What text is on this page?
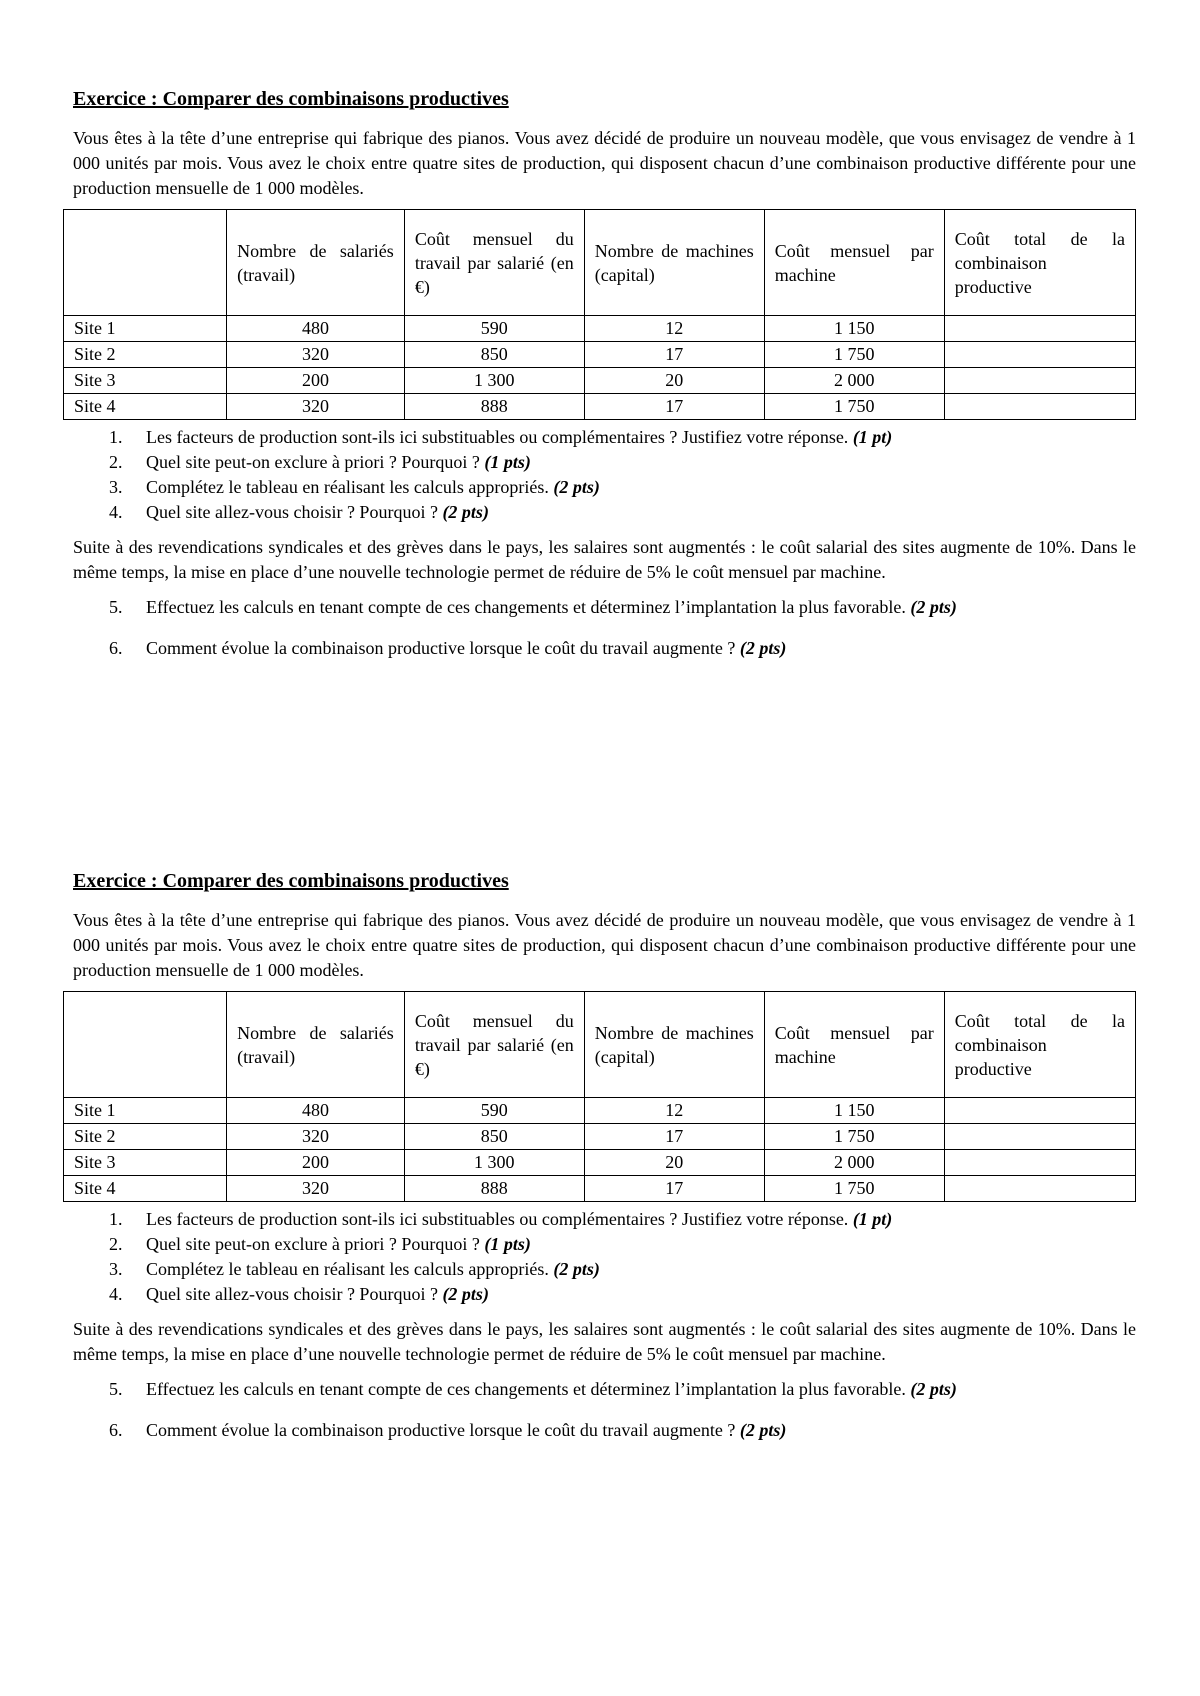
Exercice : Comparer des combinaisons productives

Vous êtes à la tête d’une entreprise qui fabrique des pianos. Vous avez décidé de produire un nouveau modèle, que vous envisagez de vendre à 1 000 unités par mois. Vous avez le choix entre quatre sites de production, qui disposent chacun d’une combinaison productive différente pour une production mensuelle de 1 000 modèles.

	Nombre de salariés (travail)	Coût mensuel du travail par salarié (en €)	Nombre de machines (capital)	Coût mensuel par machine	Coût total de la combinaison productive

Site 1	480	590	12	1 150	
Site 2	320	850	17	1 750	
Site 3	200	1 300	20	2 000	
Site 4	320	888	17	1 750	
1. Les facteurs de production sont-ils ici substituables ou complémentaires ? Justifiez votre réponse. (1 pt)
2. Quel site peut-on exclure à priori ? Pourquoi ? (1 pts)
3. Complétez le tableau en réalisant les calculs appropriés. (2 pts)
4. Quel site allez-vous choisir ? Pourquoi ? (2 pts)

Suite à des revendications syndicales et des grèves dans le pays, les salaires sont augmentés : le coût salarial des sites augmente de 10%. Dans le même temps, la mise en place d’une nouvelle technologie permet de réduire de 5% le coût mensuel par machine.

5. Effectuez les calculs en tenant compte de ces changements et déterminez l’implantation la plus favorable. (2 pts)
6. Comment évolue la combinaison productive lorsque le coût du travail augmente ? (2 pts)
Exercice : Comparer des combinaisons productives

Vous êtes à la tête d’une entreprise qui fabrique des pianos. Vous avez décidé de produire un nouveau modèle, que vous envisagez de vendre à 1 000 unités par mois. Vous avez le choix entre quatre sites de production, qui disposent chacun d’une combinaison productive différente pour une production mensuelle de 1 000 modèles.

	Nombre de salariés (travail)	Coût mensuel du travail par salarié (en €)	Nombre de machines (capital)	Coût mensuel par machine	Coût total de la combinaison productive

Site 1	480	590	12	1 150	
Site 2	320	850	17	1 750	
Site 3	200	1 300	20	2 000	
Site 4	320	888	17	1 750	
1. Les facteurs de production sont-ils ici substituables ou complémentaires ? Justifiez votre réponse. (1 pt)
2. Quel site peut-on exclure à priori ? Pourquoi ? (1 pts)
3. Complétez le tableau en réalisant les calculs appropriés. (2 pts)
4. Quel site allez-vous choisir ? Pourquoi ? (2 pts)

Suite à des revendications syndicales et des grèves dans le pays, les salaires sont augmentés : le coût salarial des sites augmente de 10%. Dans le même temps, la mise en place d’une nouvelle technologie permet de réduire de 5% le coût mensuel par machine.

5. Effectuez les calculs en tenant compte de ces changements et déterminez l’implantation la plus favorable. (2 pts)
6. Comment évolue la combinaison productive lorsque le coût du travail augmente ? (2 pts)
